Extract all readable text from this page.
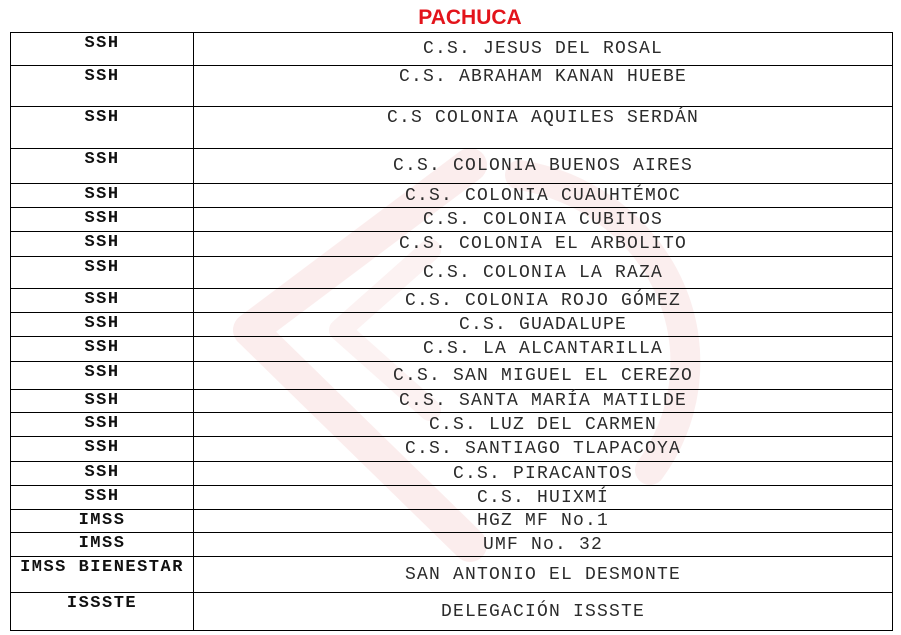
PACHUCA
SSH	C.S. JESUS DEL ROSAL
SSH	C.S. ABRAHAM KANAN HUEBE
SSH	C.S COLONIA AQUILES SERDÁN
SSH	C.S. COLONIA BUENOS AIRES
SSH	C.S. COLONIA CUAUHTÉMOC
SSH	C.S. COLONIA CUBITOS
SSH	C.S. COLONIA EL ARBOLITO
SSH	C.S. COLONIA LA RAZA
SSH	C.S. COLONIA ROJO GÓMEZ
SSH	C.S. GUADALUPE
SSH	C.S. LA ALCANTARILLA
SSH	C.S. SAN MIGUEL EL CEREZO
SSH	C.S. SANTA MARÍA MATILDE
SSH	C.S. LUZ DEL CARMEN
SSH	C.S. SANTIAGO TLAPACOYA
SSH	C.S. PIRACANTOS
SSH	C.S. HUIXMÍ
IMSS	HGZ MF No.1
IMSS	UMF No. 32
IMSS BIENESTAR	SAN ANTONIO EL DESMONTE
ISSSTE	DELEGACIÓN ISSSTE
